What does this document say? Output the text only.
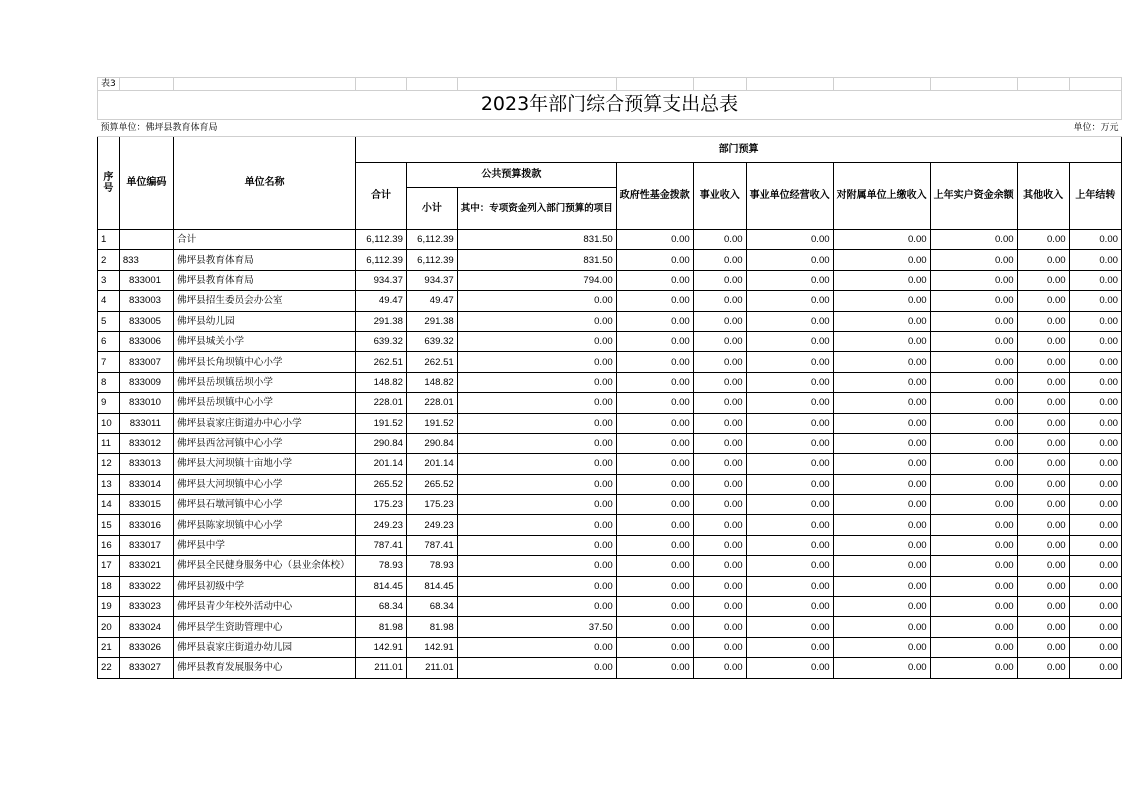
表3												
2023年部门综合预算支出总表												
预算单位：佛坪县教育体育局											单位：万元	
序号	单位编码	单位名称	部门预算									
			合计	公共预算拨款		政府性基金拨款	事业收入	事业单位经营收入	对附属单位上缴收入	上年实户资金余额	其他收入	上年结转
				小计	其中：专项资金列入部门预算的项目							
1		合计	6,112.39	6,112.39	831.50	0.00	0.00	0.00	0.00	0.00	0.00	0.00
2	833	佛坪县教育体育局	6,112.39	6,112.39	831.50	0.00	0.00	0.00	0.00	0.00	0.00	0.00
3	833001	佛坪县教育体育局	934.37	934.37	794.00	0.00	0.00	0.00	0.00	0.00	0.00	0.00
4	833003	佛坪县招生委员会办公室	49.47	49.47	0.00	0.00	0.00	0.00	0.00	0.00	0.00	0.00
5	833005	佛坪县幼儿园	291.38	291.38	0.00	0.00	0.00	0.00	0.00	0.00	0.00	0.00
6	833006	佛坪县城关小学	639.32	639.32	0.00	0.00	0.00	0.00	0.00	0.00	0.00	0.00
7	833007	佛坪县长角坝镇中心小学	262.51	262.51	0.00	0.00	0.00	0.00	0.00	0.00	0.00	0.00
8	833009	佛坪县岳坝镇岳坝小学	148.82	148.82	0.00	0.00	0.00	0.00	0.00	0.00	0.00	0.00
9	833010	佛坪县岳坝镇中心小学	228.01	228.01	0.00	0.00	0.00	0.00	0.00	0.00	0.00	0.00
10	833011	佛坪县袁家庄街道办中心小学	191.52	191.52	0.00	0.00	0.00	0.00	0.00	0.00	0.00	0.00
11	833012	佛坪县西岔河镇中心小学	290.84	290.84	0.00	0.00	0.00	0.00	0.00	0.00	0.00	0.00
12	833013	佛坪县大河坝镇十亩地小学	201.14	201.14	0.00	0.00	0.00	0.00	0.00	0.00	0.00	0.00
13	833014	佛坪县大河坝镇中心小学	265.52	265.52	0.00	0.00	0.00	0.00	0.00	0.00	0.00	0.00
14	833015	佛坪县石墩河镇中心小学	175.23	175.23	0.00	0.00	0.00	0.00	0.00	0.00	0.00	0.00
15	833016	佛坪县陈家坝镇中心小学	249.23	249.23	0.00	0.00	0.00	0.00	0.00	0.00	0.00	0.00
16	833017	佛坪县中学	787.41	787.41	0.00	0.00	0.00	0.00	0.00	0.00	0.00	0.00
17	833021	佛坪县全民健身服务中心（县业余体校）	78.93	78.93	0.00	0.00	0.00	0.00	0.00	0.00	0.00	0.00
18	833022	佛坪县初级中学	814.45	814.45	0.00	0.00	0.00	0.00	0.00	0.00	0.00	0.00
19	833023	佛坪县青少年校外活动中心	68.34	68.34	0.00	0.00	0.00	0.00	0.00	0.00	0.00	0.00
20	833024	佛坪县学生资助管理中心	81.98	81.98	37.50	0.00	0.00	0.00	0.00	0.00	0.00	0.00
21	833026	佛坪县袁家庄街道办幼儿园	142.91	142.91	0.00	0.00	0.00	0.00	0.00	0.00	0.00	0.00
22	833027	佛坪县教育发展服务中心	211.01	211.01	0.00	0.00	0.00	0.00	0.00	0.00	0.00	0.00
